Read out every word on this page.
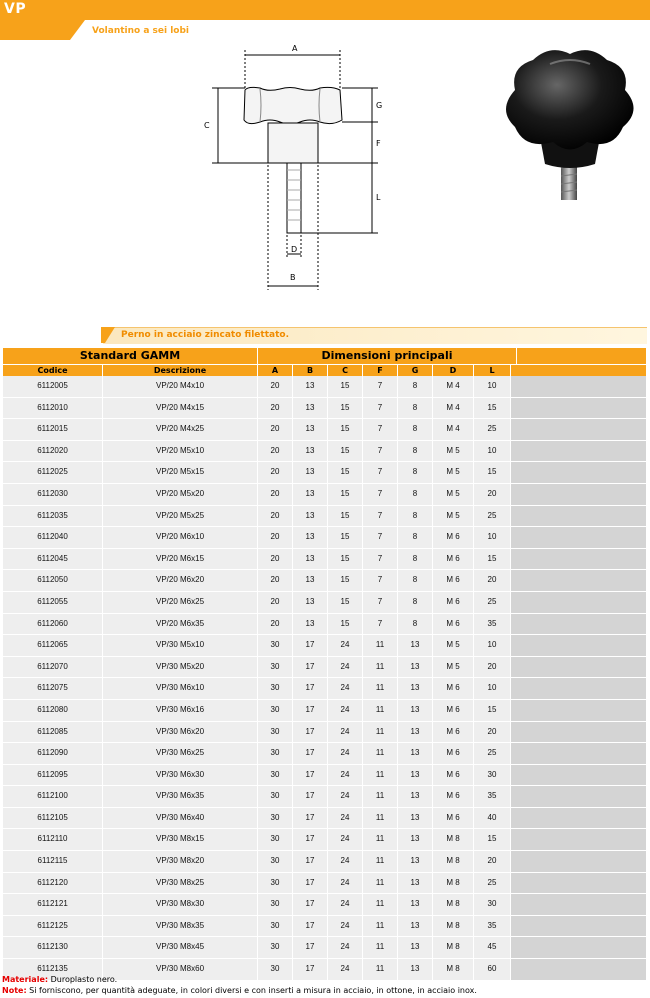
VP
Volantino a sei lobi
A
C
G
F
L
D
B
Perno in acciaio zincato filettato.
Standard GAMM	Dimensioni principali
Codice	Descrizione	A	B	C	F	G	D	L
6112005	VP/20 M4x10	20	13	15	7	8	M 4	10
6112010	VP/20 M4x15	20	13	15	7	8	M 4	15
6112015	VP/20 M4x25	20	13	15	7	8	M 4	25
6112020	VP/20 M5x10	20	13	15	7	8	M 5	10
6112025	VP/20 M5x15	20	13	15	7	8	M 5	15
6112030	VP/20 M5x20	20	13	15	7	8	M 5	20
6112035	VP/20 M5x25	20	13	15	7	8	M 5	25
6112040	VP/20 M6x10	20	13	15	7	8	M 6	10
6112045	VP/20 M6x15	20	13	15	7	8	M 6	15
6112050	VP/20 M6x20	20	13	15	7	8	M 6	20
6112055	VP/20 M6x25	20	13	15	7	8	M 6	25
6112060	VP/20 M6x35	20	13	15	7	8	M 6	35
6112065	VP/30 M5x10	30	17	24	11	13	M 5	10
6112070	VP/30 M5x20	30	17	24	11	13	M 5	20
6112075	VP/30 M6x10	30	17	24	11	13	M 6	10
6112080	VP/30 M6x16	30	17	24	11	13	M 6	15
6112085	VP/30 M6x20	30	17	24	11	13	M 6	20
6112090	VP/30 M6x25	30	17	24	11	13	M 6	25
6112095	VP/30 M6x30	30	17	24	11	13	M 6	30
6112100	VP/30 M6x35	30	17	24	11	13	M 6	35
6112105	VP/30 M6x40	30	17	24	11	13	M 6	40
6112110	VP/30 M8x15	30	17	24	11	13	M 8	15
6112115	VP/30 M8x20	30	17	24	11	13	M 8	20
6112120	VP/30 M8x25	30	17	24	11	13	M 8	25
6112121	VP/30 M8x30	30	17	24	11	13	M 8	30
6112125	VP/30 M8x35	30	17	24	11	13	M 8	35
6112130	VP/30 M8x45	30	17	24	11	13	M 8	45
6112135	VP/30 M8x60	30	17	24	11	13	M 8	60
Materiale: Duroplasto nero.
Note: Si forniscono, per quantità adeguate, in colori diversi e con inserti a misura in acciaio, in ottone, in acciaio inox.
